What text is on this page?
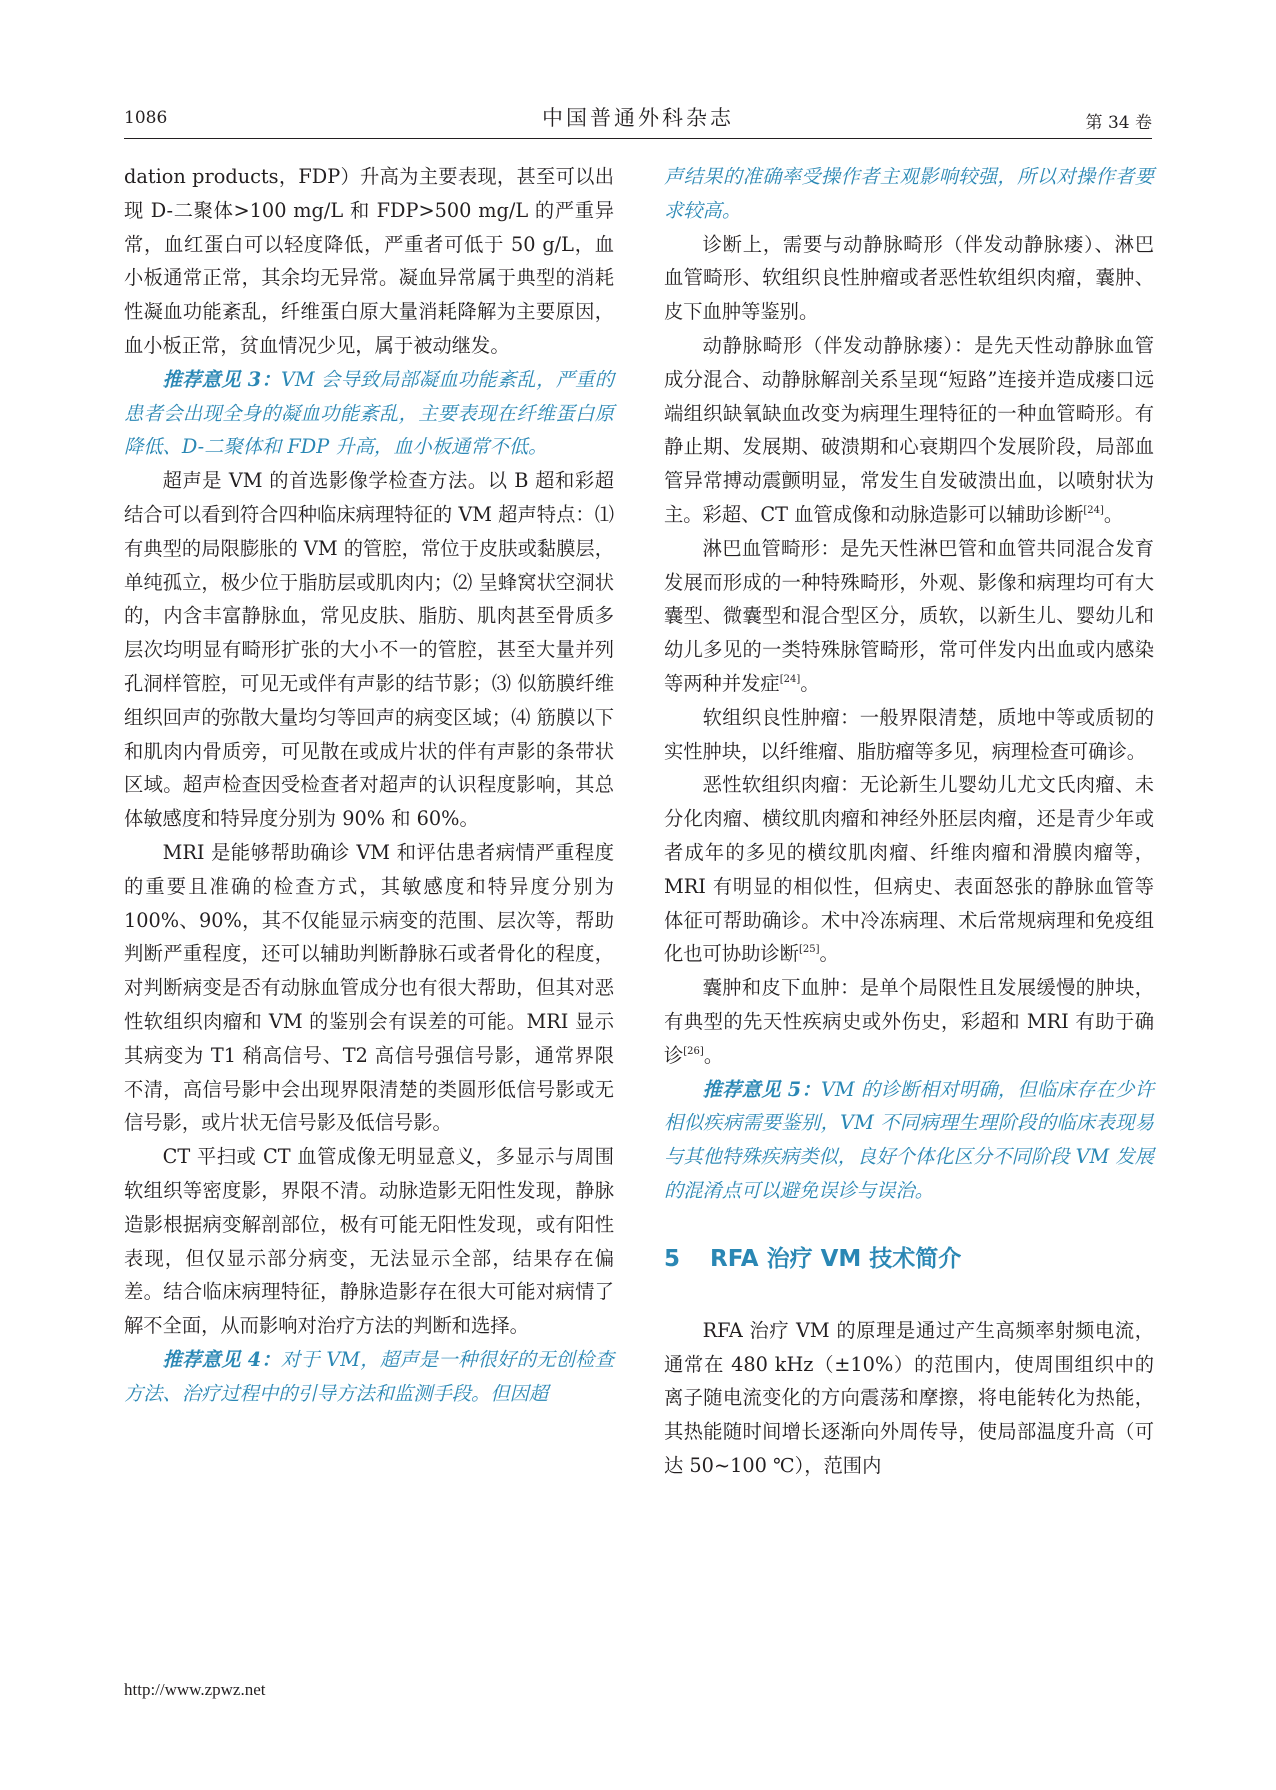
1086	中国普通外科杂志	第 34 卷

dation products，FDP）升高为主要表现，甚至可以出现 D-二聚体>100 mg/L 和 FDP>500 mg/L 的严重异常，血红蛋白可以轻度降低，严重者可低于 50 g/L，血小板通常正常，其余均无异常。凝血异常属于典型的消耗性凝血功能紊乱，纤维蛋白原大量消耗降解为主要原因，血小板正常，贫血情况少见，属于被动继发。

推荐意见 3：VM 会导致局部凝血功能紊乱，严重的患者会出现全身的凝血功能紊乱，主要表现在纤维蛋白原降低、D-二聚体和 FDP 升高，血小板通常不低。

超声是 VM 的首选影像学检查方法。以 B 超和彩超结合可以看到符合四种临床病理特征的 VM 超声特点：⑴ 有典型的局限膨胀的 VM 的管腔，常位于皮肤或黏膜层，单纯孤立，极少位于脂肪层或肌肉内；⑵ 呈蜂窝状空洞状的，内含丰富静脉血，常见皮肤、脂肪、肌肉甚至骨质多层次均明显有畸形扩张的大小不一的管腔，甚至大量并列孔洞样管腔，可见无或伴有声影的结节影；⑶ 似筋膜纤维组织回声的弥散大量均匀等回声的病变区域；⑷ 筋膜以下和肌肉内骨质旁，可见散在或成片状的伴有声影的条带状区域。超声检查因受检查者对超声的认识程度影响，其总体敏感度和特异度分别为 90% 和 60%。

MRI 是能够帮助确诊 VM 和评估患者病情严重程度的重要且准确的检查方式，其敏感度和特异度分别为 100%、90%，其不仅能显示病变的范围、层次等，帮助判断严重程度，还可以辅助判断静脉石或者骨化的程度，对判断病变是否有动脉血管成分也有很大帮助，但其对恶性软组织肉瘤和 VM 的鉴别会有误差的可能。MRI 显示其病变为 T1 稍高信号、T2 高信号强信号影，通常界限不清，高信号影中会出现界限清楚的类圆形低信号影或无信号影，或片状无信号影及低信号影。

CT 平扫或 CT 血管成像无明显意义，多显示与周围软组织等密度影，界限不清。动脉造影无阳性发现，静脉造影根据病变解剖部位，极有可能无阳性发现，或有阳性表现，但仅显示部分病变，无法显示全部，结果存在偏差。结合临床病理特征，静脉造影存在很大可能对病情了解不全面，从而影响对治疗方法的判断和选择。

推荐意见 4：对于 VM，超声是一种很好的无创检查方法、治疗过程中的引导方法和监测手段。但因超

声结果的准确率受操作者主观影响较强，所以对操作者要求较高。

诊断上，需要与动静脉畸形（伴发动静脉瘘）、淋巴血管畸形、软组织良性肿瘤或者恶性软组织肉瘤，囊肿、皮下血肿等鉴别。

动静脉畸形（伴发动静脉瘘）：是先天性动静脉血管成分混合、动静脉解剖关系呈现“短路”连接并造成瘘口远端组织缺氧缺血改变为病理生理特征的一种血管畸形。有静止期、发展期、破溃期和心衰期四个发展阶段，局部血管异常搏动震颤明显，常发生自发破溃出血，以喷射状为主。彩超、CT 血管成像和动脉造影可以辅助诊断[24]。

淋巴血管畸形：是先天性淋巴管和血管共同混合发育发展而形成的一种特殊畸形，外观、影像和病理均可有大囊型、微囊型和混合型区分，质软，以新生儿、婴幼儿和幼儿多见的一类特殊脉管畸形，常可伴发内出血或内感染等两种并发症[24]。

软组织良性肿瘤：一般界限清楚，质地中等或质韧的实性肿块，以纤维瘤、脂肪瘤等多见，病理检查可确诊。

恶性软组织肉瘤：无论新生儿婴幼儿尤文氏肉瘤、未分化肉瘤、横纹肌肉瘤和神经外胚层肉瘤，还是青少年或者成年的多见的横纹肌肉瘤、纤维肉瘤和滑膜肉瘤等，MRI 有明显的相似性，但病史、表面怒张的静脉血管等体征可帮助确诊。术中冷冻病理、术后常规病理和免疫组化也可协助诊断[25]。

囊肿和皮下血肿：是单个局限性且发展缓慢的肿块，有典型的先天性疾病史或外伤史，彩超和 MRI 有助于确诊[26]。

推荐意见 5：VM 的诊断相对明确，但临床存在少许相似疾病需要鉴别，VM 不同病理生理阶段的临床表现易与其他特殊疾病类似，良好个体化区分不同阶段 VM 发展的混淆点可以避免误诊与误治。

5 RFA 治疗 VM 技术简介

RFA 治疗 VM 的原理是通过产生高频率射频电流，通常在 480 kHz（±10%）的范围内，使周围组织中的离子随电流变化的方向震荡和摩擦，将电能转化为热能，其热能随时间增长逐渐向外周传导，使局部温度升高（可达 50~100 ℃），范围内

http://www.zpwz.net
